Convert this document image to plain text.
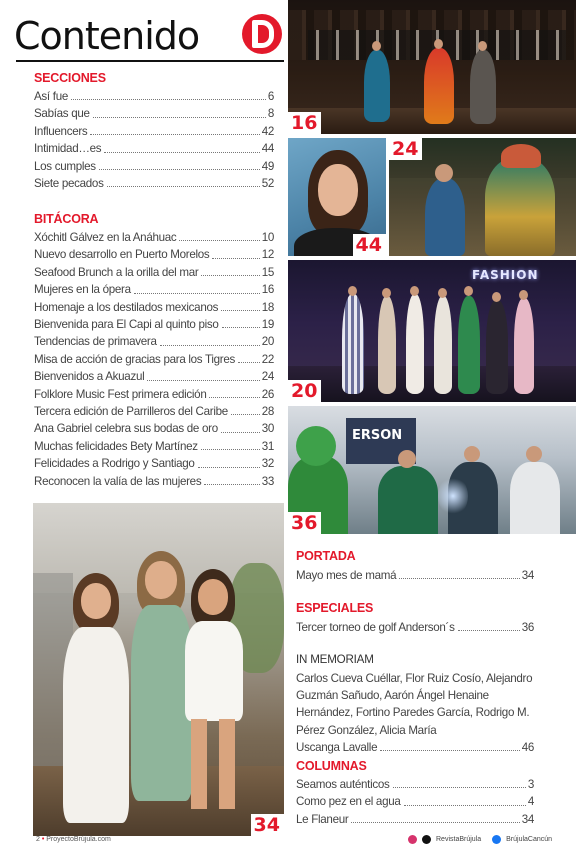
Contenido
SECCIONES
Así fue	6
Sabías que	8
Influencers	42
Intimidad…es	44
Los cumples	49
Siete pecados	52
BITÁCORA
Xóchitl Gálvez en la Anáhuac	10
Nuevo desarrollo en Puerto Morelos	12
Seafood Brunch a la orilla del mar	15
Mujeres en la ópera	16
Homenaje a los destilados mexicanos	18
Bienvenida para El Capi al quinto piso	19
Tendencias de primavera	20
Misa de acción de gracias para los Tigres 22
Bienvenidos a Akuazul	24
Folklore Music Fest primera edición	26
Tercera edición de Parrilleros del Caribe	28
Ana Gabriel celebra sus bodas de oro	30
Muchas felicidades Bety Martínez	31
Felicidades a Rodrigo y Santiago	32
Reconocen la valía de las mujeres	33
16
44
24
FASHION
20
ERSON
36
34
PORTADA
Mayo mes de mamá	34
ESPECIALES
Tercer torneo de golf Anderson´s	36
IN MEMORIAM
Carlos Cueva Cuéllar, Flor Ruiz Cosío, Alejandro Guzmán Sañudo, Aarón Ángel Henaine Hernández, Fortino Paredes García, Rodrigo M. Pérez González, Alicia María
Uscanga Lavalle	46
COLUMNAS
Seamos auténticos	3
Como pez en el agua	4
Le Flaneur	34
2 • ProyectoBrújula.com	RevistaBrújula	BrújulaCancún
